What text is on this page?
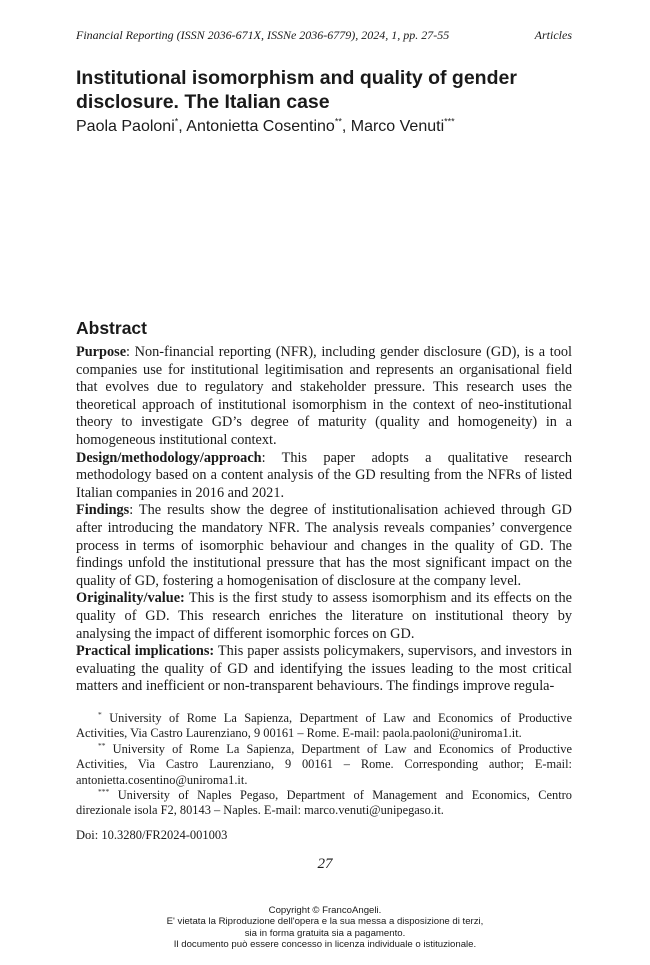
Financial Reporting (ISSN 2036-671X, ISSNe 2036-6779), 2024, 1, pp. 27-55	Articles
Institutional isomorphism and quality of gender disclosure. The Italian case
Paola Paoloni*, Antonietta Cosentino**, Marco Venuti***
Abstract

Purpose: Non-financial reporting (NFR), including gender disclosure (GD), is a tool companies use for institutional legitimisation and represents an organisational field that evolves due to regulatory and stakeholder pressure. This research uses the theoretical approach of institutional isomorphism in the context of neo-institutional theory to investigate GD’s degree of maturity (quality and homogeneity) in a homogeneous institutional context.

Design/methodology/approach: This paper adopts a qualitative research methodology based on a content analysis of the GD resulting from the NFRs of listed Italian companies in 2016 and 2021.

Findings: The results show the degree of institutionalisation achieved through GD after introducing the mandatory NFR. The analysis reveals companies’ convergence process in terms of isomorphic behaviour and changes in the quality of GD. The findings unfold the institutional pressure that has the most significant impact on the quality of GD, fostering a homogenisation of disclosure at the company level.

Originality/value: This is the first study to assess isomorphism and its effects on the quality of GD. This research enriches the literature on institutional theory by analysing the impact of different isomorphic forces on GD.

Practical implications: This paper assists policymakers, supervisors, and investors in evaluating the quality of GD and identifying the issues leading to the most critical matters and inefficient or non-transparent behaviours. The findings improve regula-

* University of Rome La Sapienza, Department of Law and Economics of Productive Activities, Via Castro Laurenziano, 9 00161 – Rome. E-mail: paola.paoloni@uniroma1.it.

** University of Rome La Sapienza, Department of Law and Economics of Productive Activities, Via Castro Laurenziano, 9 00161 – Rome. Corresponding author; E-mail: antonietta.cosentino@uniroma1.it.

*** University of Naples Pegaso, Department of Management and Economics, Centro direzionale isola F2, 80143 – Naples. E-mail: marco.venuti@unipegaso.it.

Doi: 10.3280/FR2024-001003
27
Copyright © FrancoAngeli.
E' vietata la Riproduzione dell'opera e la sua messa a disposizione di terzi,
sia in forma gratuita sia a pagamento.
Il documento può essere concesso in licenza individuale o istituzionale.
